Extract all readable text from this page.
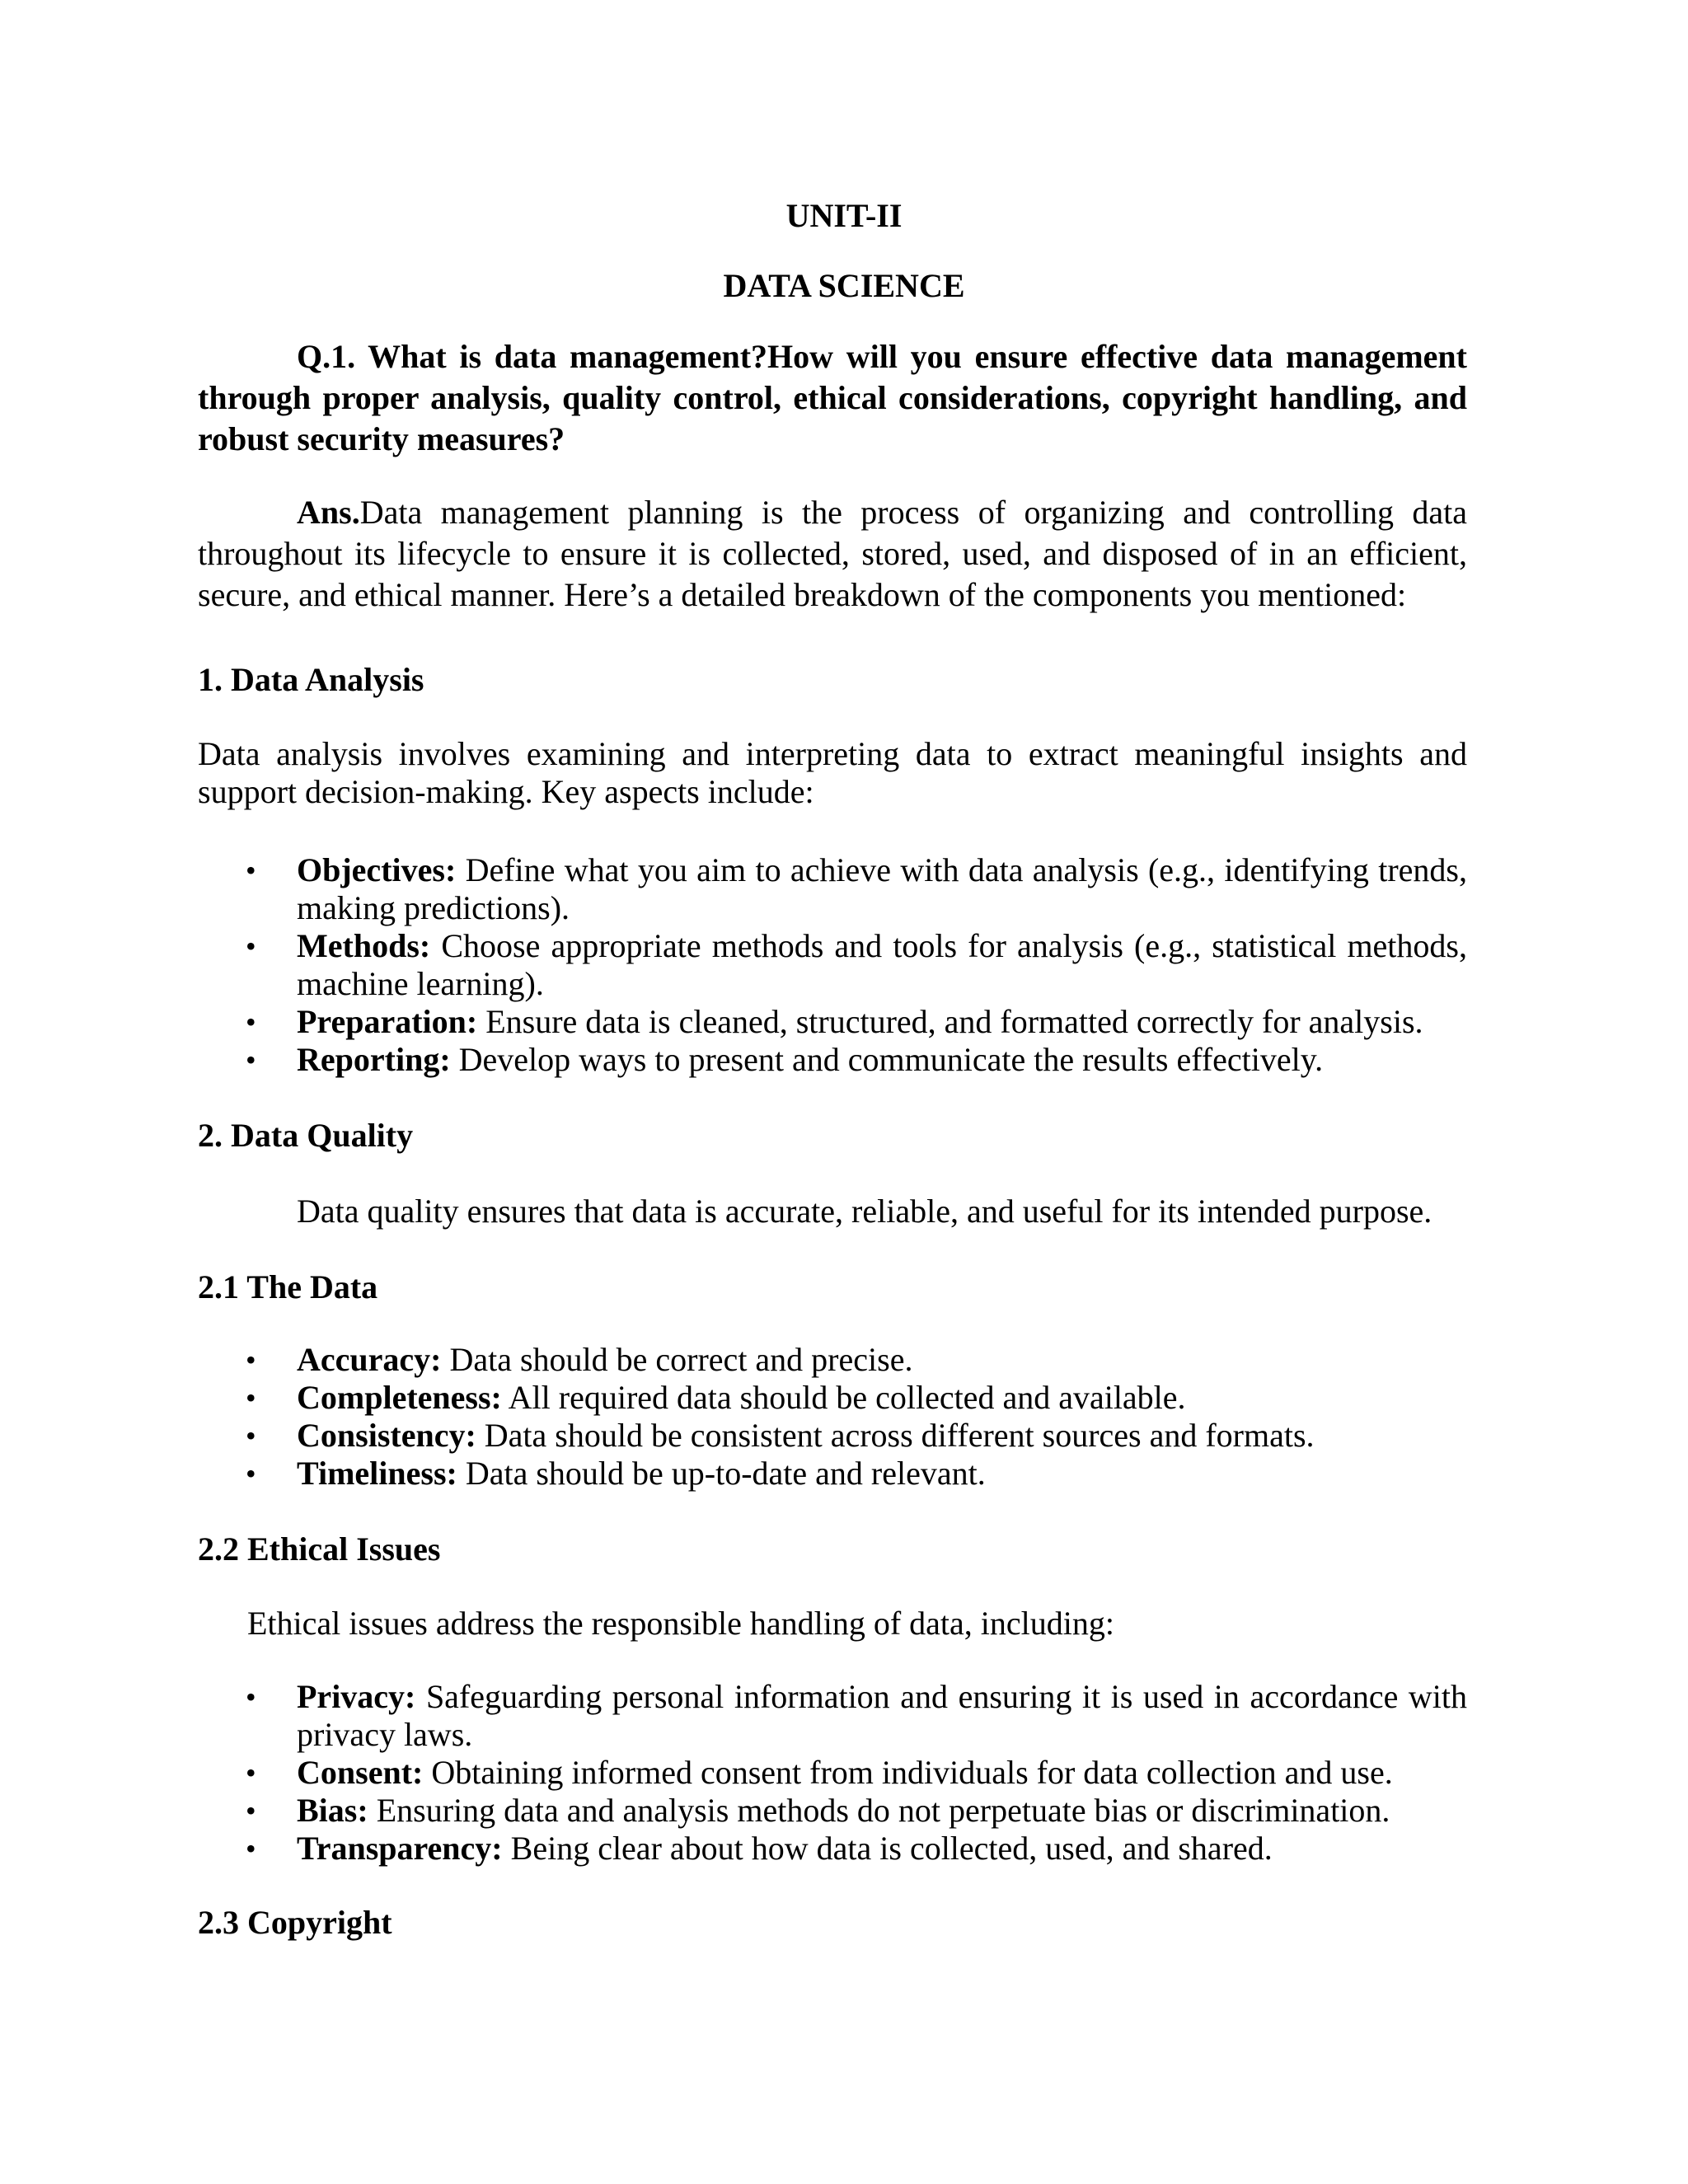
UNIT-II
DATA SCIENCE
Q.1. What is data management?How will you ensure effective data management through proper analysis, quality control, ethical considerations, copyright handling, and robust security measures?
Ans.Data management planning is the process of organizing and controlling data throughout its lifecycle to ensure it is collected, stored, used, and disposed of in an efficient, secure, and ethical manner. Here’s a detailed breakdown of the components you mentioned:
1. Data Analysis
Data analysis involves examining and interpreting data to extract meaningful insights and support decision-making. Key aspects include:
• Objectives: Define what you aim to achieve with data analysis (e.g., identifying trends, making predictions).
• Methods: Choose appropriate methods and tools for analysis (e.g., statistical methods, machine learning).
• Preparation: Ensure data is cleaned, structured, and formatted correctly for analysis.
• Reporting: Develop ways to present and communicate the results effectively.
2. Data Quality
Data quality ensures that data is accurate, reliable, and useful for its intended purpose.
2.1 The Data
• Accuracy: Data should be correct and precise.
• Completeness: All required data should be collected and available.
• Consistency: Data should be consistent across different sources and formats.
• Timeliness: Data should be up-to-date and relevant.
2.2 Ethical Issues
Ethical issues address the responsible handling of data, including:
• Privacy: Safeguarding personal information and ensuring it is used in accordance with privacy laws.
• Consent: Obtaining informed consent from individuals for data collection and use.
• Bias: Ensuring data and analysis methods do not perpetuate bias or discrimination.
• Transparency: Being clear about how data is collected, used, and shared.
2.3 Copyright
